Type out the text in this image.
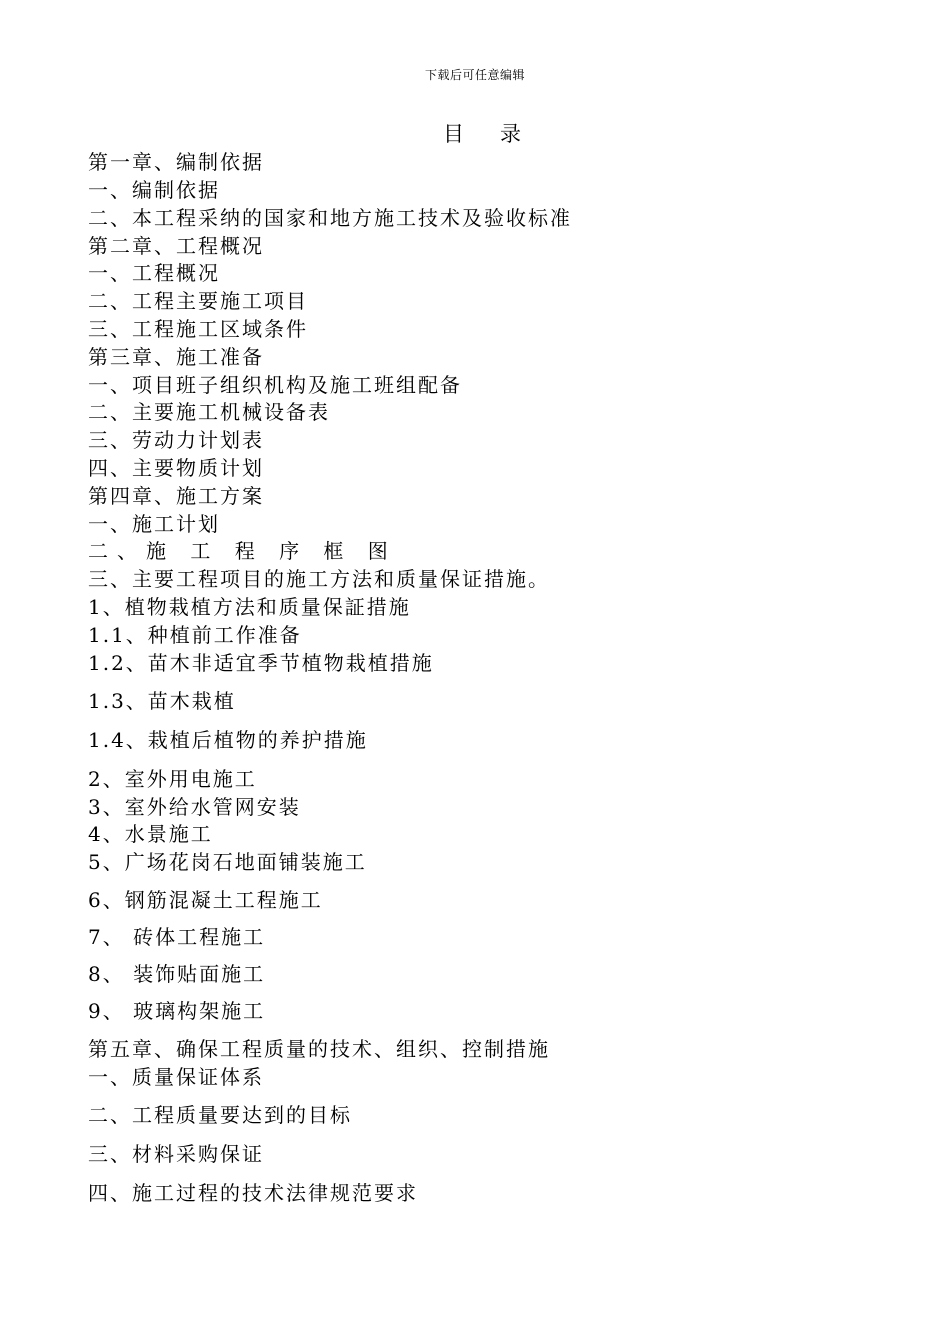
下载后可任意编辑
目 录
第一章、编制依据
一、编制依据
二、本工程采纳的国家和地方施工技术及验收标准
第二章、工程概况
一、工程概况
二、工程主要施工项目
三、工程施工区域条件
第三章、施工准备
一、项目班子组织机构及施工班组配备
二、主要施工机械设备表
三、劳动力计划表
四、主要物质计划
第四章、施工方案
一、施工计划
二、施 工 程 序 框 图
三、主要工程项目的施工方法和质量保证措施。
1、植物栽植方法和质量保証措施
1.1、种植前工作准备
1.2、苗木非适宜季节植物栽植措施
1.3、苗木栽植
1.4、栽植后植物的养护措施
2、室外用电施工
3、室外给水管网安装
4、水景施工
5、广场花岗石地面铺装施工
6、钢筋混凝土工程施工
7、 砖体工程施工
8、 装饰贴面施工
9、 玻璃构架施工
第五章、确保工程质量的技术、组织、控制措施
一、质量保证体系
二、工程质量要达到的目标
三、材料采购保证
四、施工过程的技术法律规范要求
